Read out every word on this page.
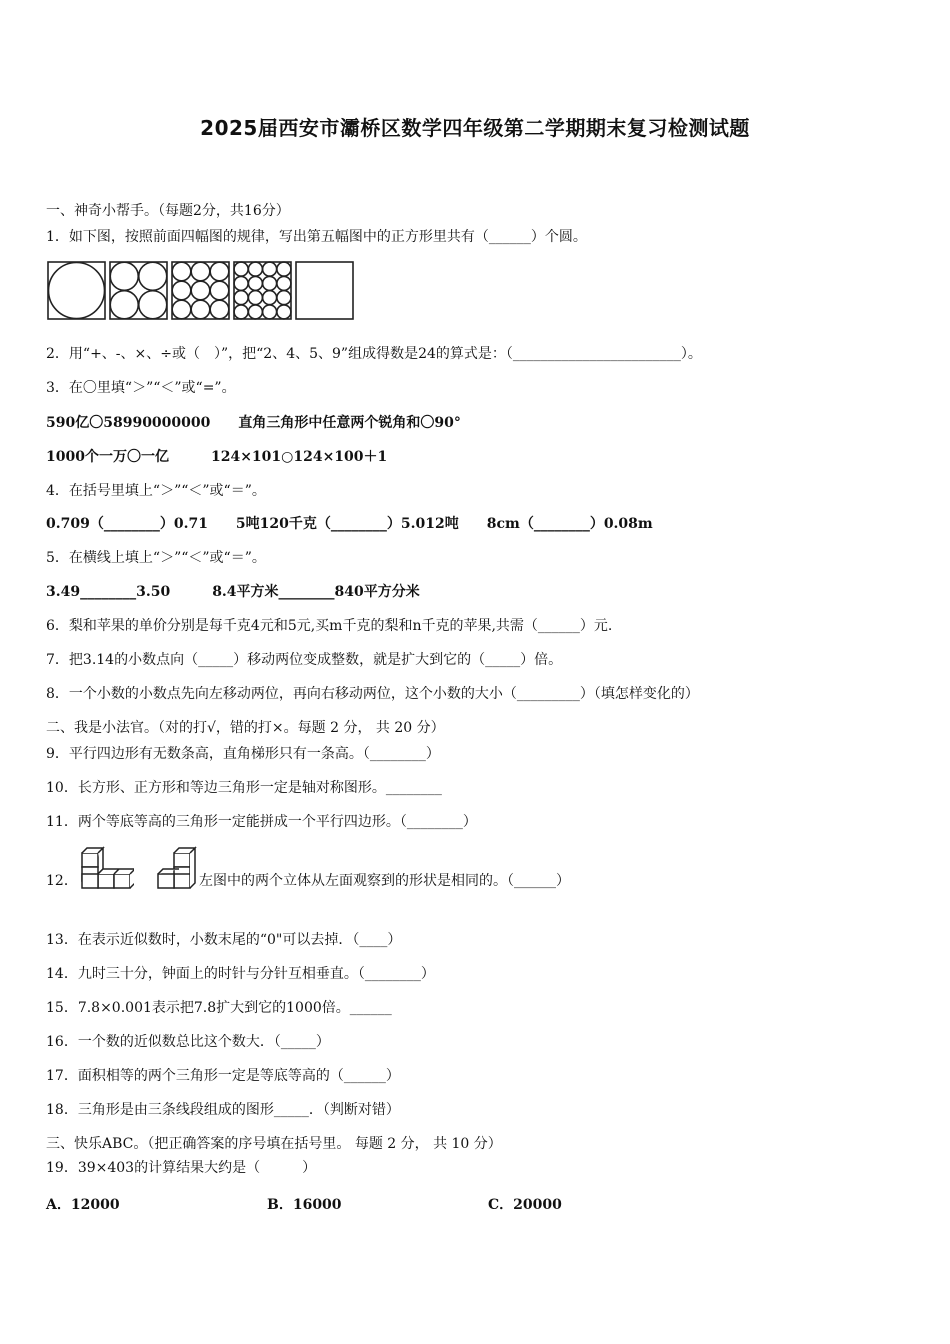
2025届西安市灞桥区数学四年级第二学期期末复习检测试题
一、神奇小帮手。（每题2分，共16分）
1．如下图，按照前面四幅图的规律，写出第五幅图中的正方形里共有（______）个圆。
2．用“+、-、×、÷或（　）”，把“2、4、5、9”组成得数是24的算式是：（________________________）。
3．在〇里填“＞”“＜”或“=”。
590亿〇58990000000　　直角三角形中任意两个锐角和〇90°
1000个一万〇一亿　　　124×101○124×100＋1
4．在括号里填上“＞”“＜”或“＝”。
0.709（________）0.71　　5吨120千克（________）5.012吨　　8cm（________）0.08m
5．在横线上填上“＞”“＜”或“＝”。
3.49________3.50　　　8.4平方米________840平方分米
6．梨和苹果的单价分别是每千克4元和5元,买m千克的梨和n千克的苹果,共需（______）元.
7．把3.14的小数点向（_____）移动两位变成整数，就是扩大到它的（_____）倍。
8．一个小数的小数点先向左移动两位，再向右移动两位，这个小数的大小（_________）（填怎样变化的）
二、我是小法官。（对的打√，错的打×。每题 2 分， 共 20 分）
9．平行四边形有无数条高，直角梯形只有一条高。（________）
10．长方形、正方形和等边三角形一定是轴对称图形。________
11．两个等底等高的三角形一定能拼成一个平行四边形。（________）
12．	左图中的两个立体从左面观察到的形状是相同的。（______）
13．在表示近似数时，小数末尾的“0"可以去掉．（____）
14．九时三十分，钟面上的时针与分针互相垂直。（________）
15．7.8×0.001表示把7.8扩大到它的1000倍。______
16．一个数的近似数总比这个数大．（_____）
17．面积相等的两个三角形一定是等底等高的（______）
18．三角形是由三条线段组成的图形_____．（判断对错）
三、快乐ABC。（把正确答案的序号填在括号里。 每题 2 分， 共 10 分）
19．39×403的计算结果大约是（　　　）
A．12000	B．16000	C．20000
